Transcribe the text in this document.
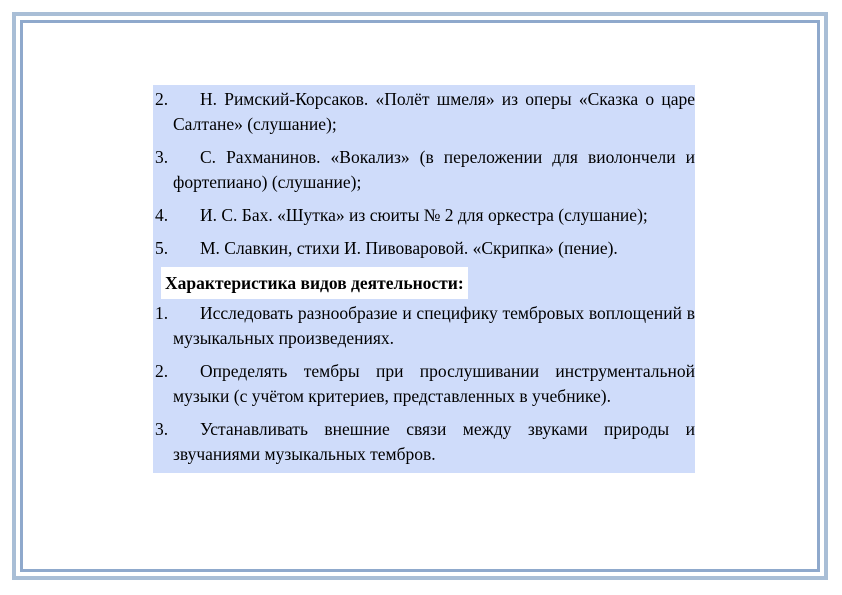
2.	Н. Римский-Корсаков. «Полёт шмеля» из оперы «Сказка о царе Салтане» (слушание);
3.	С. Рахманинов. «Вокализ» (в переложении для виолончели и фортепиано) (слушание);
4.	И. С. Бах. «Шутка» из сюиты № 2 для оркестра (слушание);
5.	М. Славкин, стихи И. Пивоваровой. «Скрипка» (пение).
Характеристика видов деятельности:
1.	Исследовать разнообразие и специфику тембровых воплощений в музыкальных произведениях.
2.	Определять тембры при прослушивании инструментальной музыки (с учётом критериев, представленных в учебнике).
3.	Устанавливать внешние связи между звуками природы и звучаниями музыкальных тембров.
